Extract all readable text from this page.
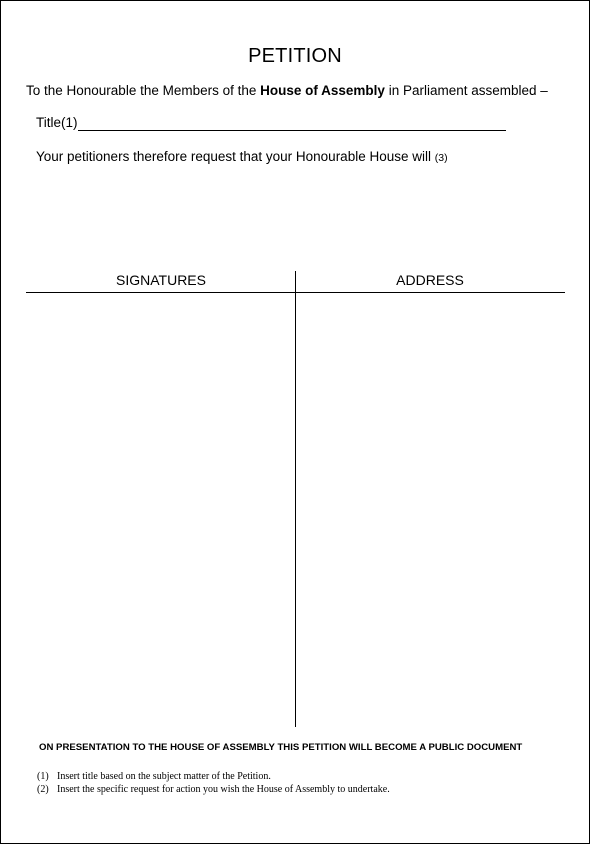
PETITION
To the Honourable the Members of the House of Assembly in Parliament assembled –
Title(1)
Your petitioners therefore request that your Honourable House will (3)
SIGNATURES	ADDRESS
ON PRESENTATION TO THE HOUSE OF ASSEMBLY THIS PETITION WILL BECOME A PUBLIC DOCUMENT
(1) Insert title based on the subject matter of the Petition.
(2) Insert the specific request for action you wish the House of Assembly to undertake.
